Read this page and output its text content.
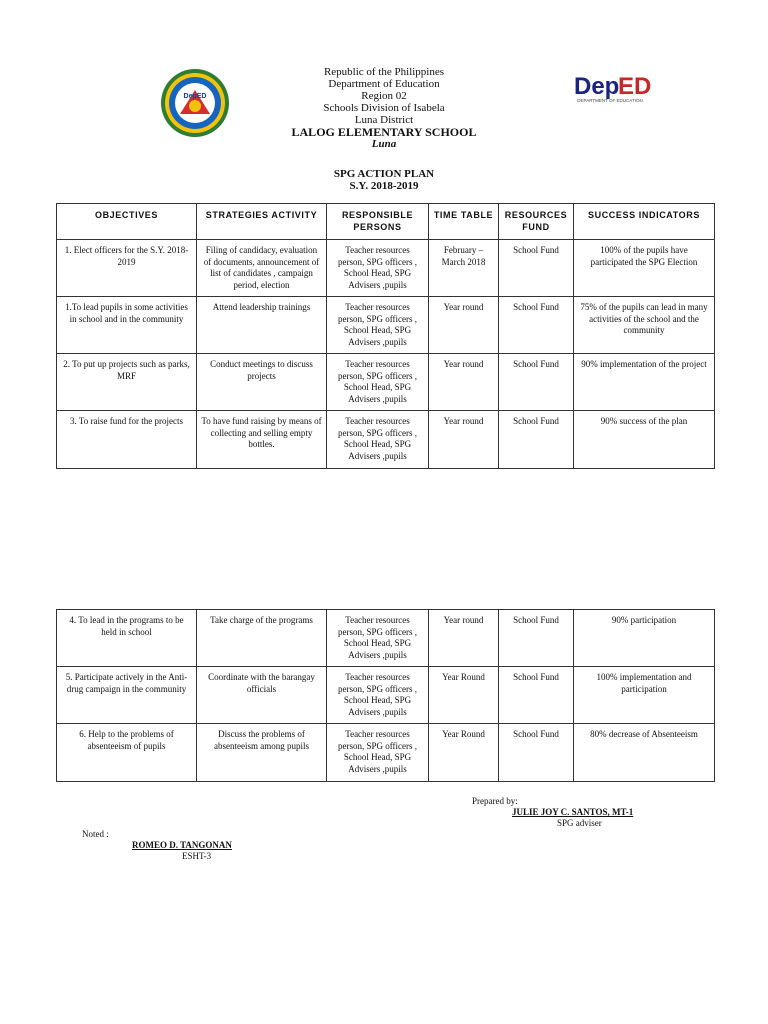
DepED	Dep
ED
DEPARTMENT OF EDUCATION
Republic of the Philippines
Department of Education
Region 02
Schools Division of Isabela
Luna District
LALOG ELEMENTARY SCHOOL
Luna
SPG ACTION PLAN
S.Y. 2018-2019
OBJECTIVES	STRATEGIES ACTIVITY	RESPONSIBLE PERSONS	TIME TABLE	RESOURCES FUND	SUCCESS INDICATORS
1. Elect officers for the S.Y. 2018-2019	Filing of candidacy, evaluation of documents, announcement of list of candidates , campaign period, election	Teacher resources person, SPG officers , School Head, SPG Advisers ,pupils	February – March 2018	School Fund	100% of the pupils have participated the SPG Election
1.To lead pupils in some activities in school and in the community	Attend leadership trainings	Teacher resources person, SPG officers , School Head, SPG Advisers ,pupils	Year round	School Fund	75% of the pupils can lead in many activities of the school and the community
2. To put up projects such as parks, MRF	Conduct meetings to discuss projects	Teacher resources person, SPG officers , School Head, SPG Advisers ,pupils	Year round	School Fund	90% implementation of the project
3. To raise fund for the projects	To have fund raising by means of collecting and selling empty bottles.	Teacher resources person, SPG officers , School Head, SPG Advisers ,pupils	Year round	School Fund	90% success of the plan
4. To lead in the programs to be held in school	Take charge of the programs	Teacher resources person, SPG officers , School Head, SPG Advisers ,pupils	Year round	School Fund	90% participation
5. Participate actively in the Anti-drug campaign in the community	Coordinate with the barangay officials	Teacher resources person, SPG officers , School Head, SPG Advisers ,pupils	Year Round	School Fund	100% implementation and participation
6. Help to the problems of absenteeism of pupils	Discuss the problems of absenteeism among pupils	Teacher resources person, SPG officers , School Head, SPG Advisers ,pupils	Year Round	School Fund	80% decrease of Absenteeism
Prepared by:
JULIE JOY C. SANTOS, MT-1
SPG adviser
Noted :
ROMEO D. TANGONAN
ESHT-3
